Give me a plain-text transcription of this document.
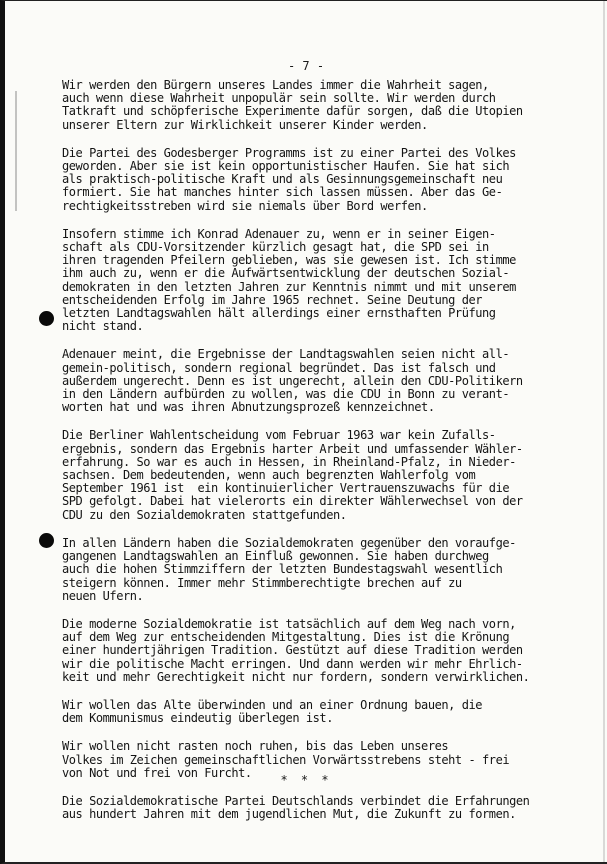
- 7 -
Wir werden den Bürgern unseres Landes immer die Wahrheit sagen,
auch wenn diese Wahrheit unpopulär sein sollte. Wir werden durch
Tatkraft und schöpferische Experimente dafür sorgen, daß die Utopien
unserer Eltern zur Wirklichkeit unserer Kinder werden.
Die Partei des Godesberger Programms ist zu einer Partei des Volkes
geworden. Aber sie ist kein opportunistischer Haufen. Sie hat sich
als praktisch-politische Kraft und als Gesinnungsgemeinschaft neu
formiert. Sie hat manches hinter sich lassen müssen. Aber das Ge-
rechtigkeitsstreben wird sie niemals über Bord werfen.
Insofern stimme ich Konrad Adenauer zu, wenn er in seiner Eigen-
schaft als CDU-Vorsitzender kürzlich gesagt hat, die SPD sei in
ihren tragenden Pfeilern geblieben, was sie gewesen ist. Ich stimme
ihm auch zu, wenn er die Aufwärtsentwicklung der deutschen Sozial-
demokraten in den letzten Jahren zur Kenntnis nimmt und mit unserem
entscheidenden Erfolg im Jahre 1965 rechnet. Seine Deutung der
letzten Landtagswahlen hält allerdings einer ernsthaften Prüfung
nicht stand.
Adenauer meint, die Ergebnisse der Landtagswahlen seien nicht all-
gemein-politisch, sondern regional begründet. Das ist falsch und
außerdem ungerecht. Denn es ist ungerecht, allein den CDU-Politikern
in den Ländern aufbürden zu wollen, was die CDU in Bonn zu verant-
worten hat und was ihren Abnutzungsprozeß kennzeichnet.
Die Berliner Wahlentscheidung vom Februar 1963 war kein Zufalls-
ergebnis, sondern das Ergebnis harter Arbeit und umfassender Wähler-
erfahrung. So war es auch in Hessen, in Rheinland-Pfalz, in Nieder-
sachsen. Dem bedeutenden, wenn auch begrenzten Wahlerfolg vom
September 1961 ist  ein kontinuierlicher Vertrauenszuwachs für die
SPD gefolgt. Dabei hat vielerorts ein direkter Wählerwechsel von der
CDU zu den Sozialdemokraten stattgefunden.
In allen Ländern haben die Sozialdemokraten gegenüber den voraufge-
gangenen Landtagswahlen an Einfluß gewonnen. Sie haben durchweg
auch die hohen Stimmziffern der letzten Bundestagswahl wesentlich
steigern können. Immer mehr Stimmberechtigte brechen auf zu
neuen Ufern.
Die moderne Sozialdemokratie ist tatsächlich auf dem Weg nach vorn,
auf dem Weg zur entscheidenden Mitgestaltung. Dies ist die Krönung
einer hundertjährigen Tradition. Gestützt auf diese Tradition werden
wir die politische Macht erringen. Und dann werden wir mehr Ehrlich-
keit und mehr Gerechtigkeit nicht nur fordern, sondern verwirklichen.
Wir wollen das Alte überwinden und an einer Ordnung bauen, die
dem Kommunismus eindeutig überlegen ist.
Wir wollen nicht rasten noch ruhen, bis das Leben unseres
Volkes im Zeichen gemeinschaftlichen Vorwärtsstrebens steht - frei
von Not und frei von Furcht.
Die Sozialdemokratische Partei Deutschlands verbindet die Erfahrungen
aus hundert Jahren mit dem jugendlichen Mut, die Zukunft zu formen.
* * *
